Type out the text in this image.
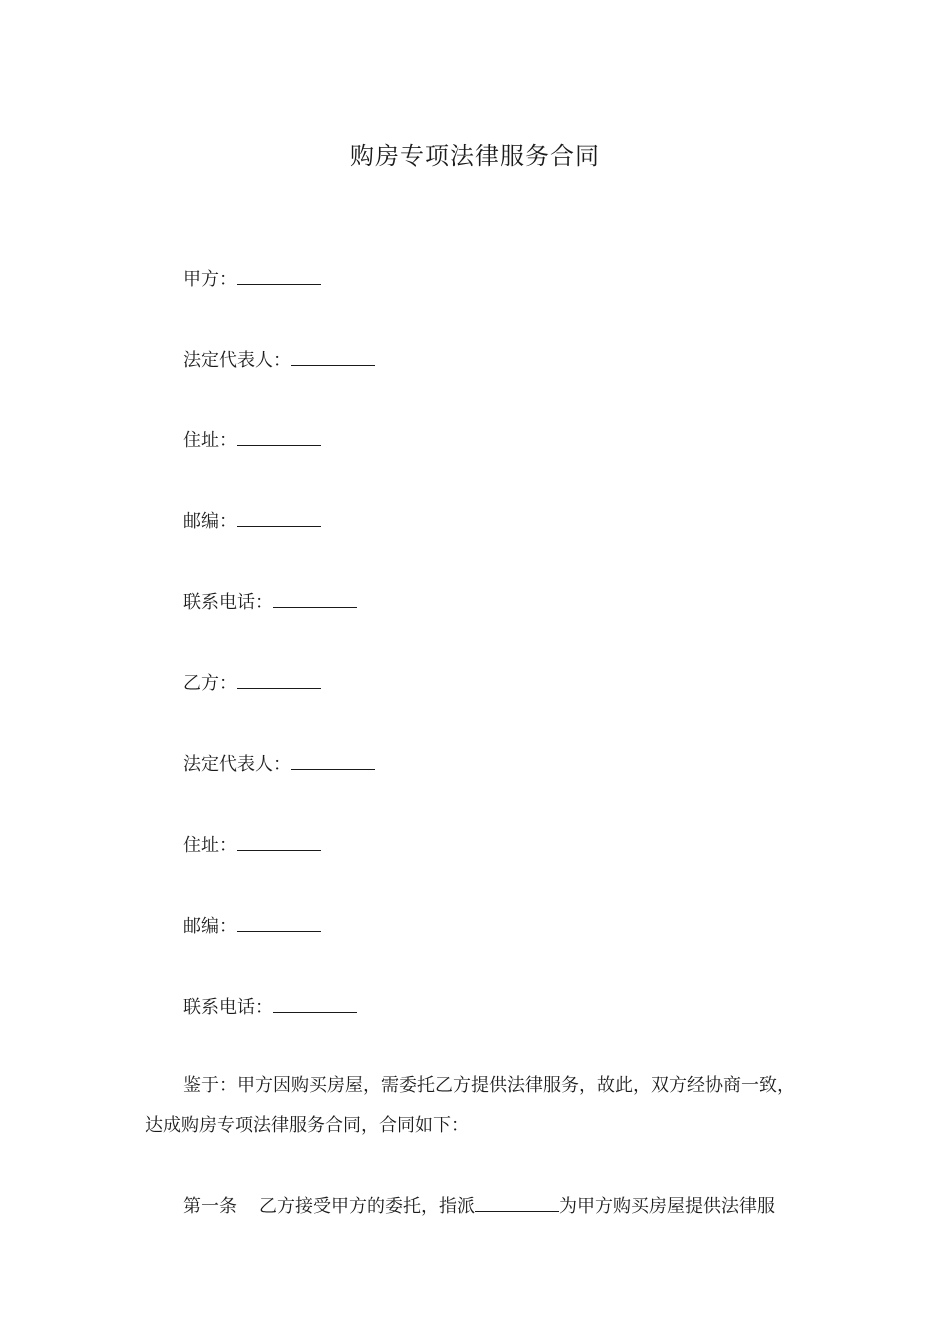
购房专项法律服务合同
甲方：
法定代表人：
住址：
邮编：
联系电话：
乙方：
法定代表人：
住址：
邮编：
联系电话：
鉴于：甲方因购买房屋，需委托乙方提供法律服务，故此，双方经协商一致，达成购房专项法律服务合同，合同如下：
第一条 乙方接受甲方的委托，指派	为甲方购买房屋提供法律服
